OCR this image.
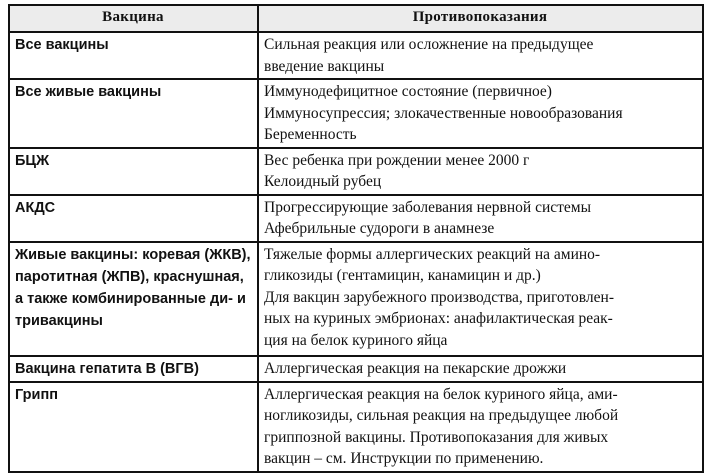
Вакцина	Противопоказания
Все вакцины	Сильная реакция или осложнение на предыдущее
введение вакцины

Все живые вакцины	Иммунодефицитное состояние (первичное)
Иммуносупрессия; злокачественные новообразования
Беременность

БЦЖ	Вес ребенка при рождении менее 2000 г
Келоидный рубец

АКДС	Прогрессирующие заболевания нервной системы
Афебрильные судороги в анамнезе

Живые вакцины: коревая (ЖКВ), паротитная (ЖПВ), краснушная, а также комбинированные ди- и тривакцины	Тяжелые формы аллергических реакций на амино-
гликозиды (гентамицин, канамицин и др.)
Для вакцин зарубежного производства, приготовлен-
ных на куриных эмбрионах: анафилактическая реак-
ция на белок куриного яйца

Вакцина гепатита В (ВГВ)	Аллергическая реакция на пекарские дрожжи

Грипп	Аллергическая реакция на белок куриного яйца, ами-
ногликозиды, сильная реакция на предыдущее любой
гриппозной вакцины. Противопоказания для живых
вакцин – см. Инструкции по применению.
